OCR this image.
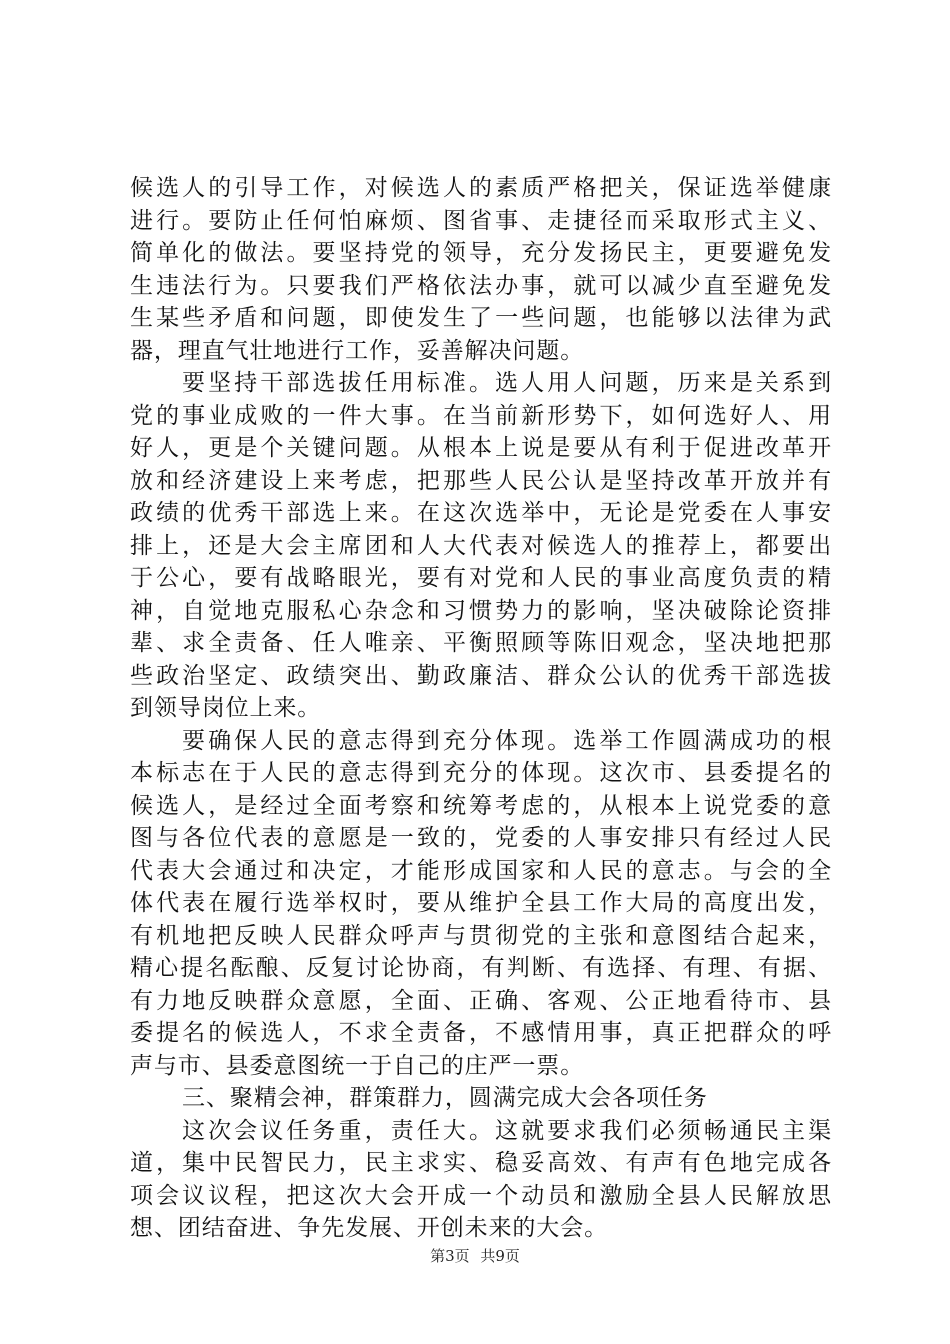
候选人的引导工作，对候选人的素质严格把关，保证选举健康
进行。要防止任何怕麻烦、图省事、走捷径而采取形式主义、
简单化的做法。要坚持党的领导，充分发扬民主，更要避免发
生违法行为。只要我们严格依法办事，就可以减少直至避免发
生某些矛盾和问题，即使发生了一些问题，也能够以法律为武
器，理直气壮地进行工作，妥善解决问题。
要坚持干部选拔任用标准。选人用人问题，历来是关系到
党的事业成败的一件大事。在当前新形势下，如何选好人、用
好人，更是个关键问题。从根本上说是要从有利于促进改革开
放和经济建设上来考虑，把那些人民公认是坚持改革开放并有
政绩的优秀干部选上来。在这次选举中，无论是党委在人事安
排上，还是大会主席团和人大代表对候选人的推荐上，都要出
于公心，要有战略眼光，要有对党和人民的事业高度负责的精
神，自觉地克服私心杂念和习惯势力的影响，坚决破除论资排
辈、求全责备、任人唯亲、平衡照顾等陈旧观念，坚决地把那
些政治坚定、政绩突出、勤政廉洁、群众公认的优秀干部选拔
到领导岗位上来。
要确保人民的意志得到充分体现。选举工作圆满成功的根
本标志在于人民的意志得到充分的体现。这次市、县委提名的
候选人，是经过全面考察和统筹考虑的，从根本上说党委的意
图与各位代表的意愿是一致的，党委的人事安排只有经过人民
代表大会通过和决定，才能形成国家和人民的意志。与会的全
体代表在履行选举权时，要从维护全县工作大局的高度出发，
有机地把反映人民群众呼声与贯彻党的主张和意图结合起来，
精心提名酝酿、反复讨论协商，有判断、有选择、有理、有据、
有力地反映群众意愿，全面、正确、客观、公正地看待市、县
委提名的候选人，不求全责备，不感情用事，真正把群众的呼
声与市、县委意图统一于自己的庄严一票。
三、聚精会神，群策群力，圆满完成大会各项任务
这次会议任务重，责任大。这就要求我们必须畅通民主渠
道，集中民智民力，民主求实、稳妥高效、有声有色地完成各
项会议议程，把这次大会开成一个动员和激励全县人民解放思
想、团结奋进、争先发展、开创未来的大会。
第3页 共9页
